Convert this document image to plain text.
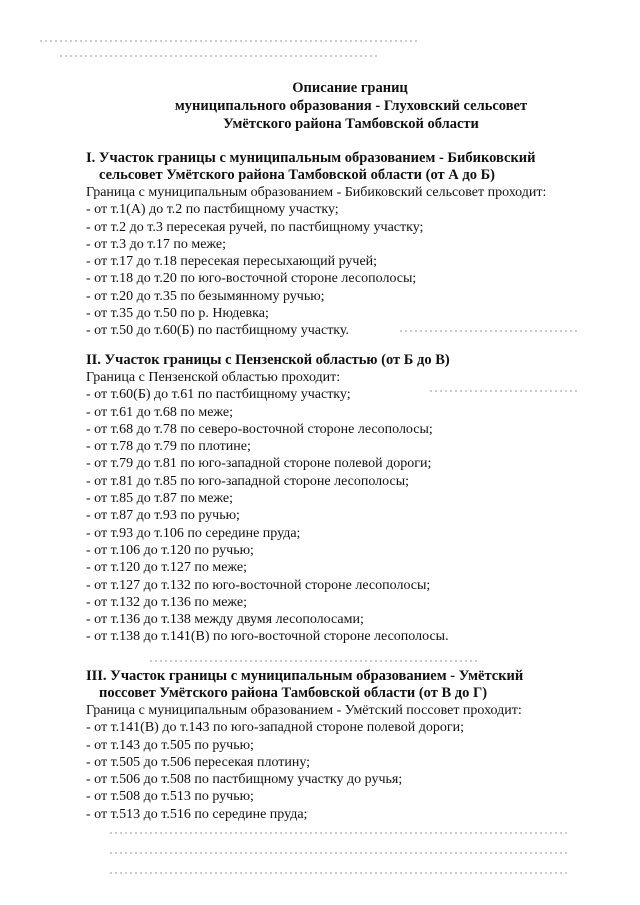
Описание границ
муниципального образования - Глуховский сельсовет
Умётского района Тамбовской области
I. Участок границы с муниципальным образованием - Бибиковский
сельсовет Умётского района Тамбовской области (от А до Б)
Граница с муниципальным образованием - Бибиковский сельсовет проходит:
- от т.1(А) до т.2 по пастбищному участку;
- от т.2 до т.3 пересекая ручей, по пастбищному участку;
- от т.3 до т.17 по меже;
- от т.17 до т.18 пересекая пересыхающий ручей;
- от т.18 до т.20 по юго-восточной стороне лесополосы;
- от т.20 до т.35 по безымянному ручью;
- от т.35 до т.50 по р. Нюдевка;
- от т.50 до т.60(Б) по пастбищному участку.
II. Участок границы с Пензенской областью (от Б до В)
Граница с Пензенской областью проходит:
- от т.60(Б) до т.61 по пастбищному участку;
- от т.61 до т.68 по меже;
- от т.68 до т.78 по северо-восточной стороне лесополосы;
- от т.78 до т.79 по плотине;
- от т.79 до т.81 по юго-западной стороне полевой дороги;
- от т.81 до т.85 по юго-западной стороне лесополосы;
- от т.85 до т.87 по меже;
- от т.87 до т.93 по ручью;
- от т.93 до т.106 по середине пруда;
- от т.106 до т.120 по ручью;
- от т.120 до т.127 по меже;
- от т.127 до т.132 по юго-восточной стороне лесополосы;
- от т.132 до т.136 по меже;
- от т.136 до т.138 между двумя лесополосами;
- от т.138 до т.141(В) по юго-восточной стороне лесополосы.
III. Участок границы с муниципальным образованием - Умётский
поссовет Умётского района Тамбовской области (от В до Г)
Граница с муниципальным образованием - Умётский поссовет проходит:
- от т.141(В) до т.143 по юго-западной стороне полевой дороги;
- от т.143 до т.505 по ручью;
- от т.505 до т.506 пересекая плотину;
- от т.506 до т.508 по пастбищному участку до ручья;
- от т.508 до т.513 по ручью;
- от т.513 до т.516 по середине пруда;
